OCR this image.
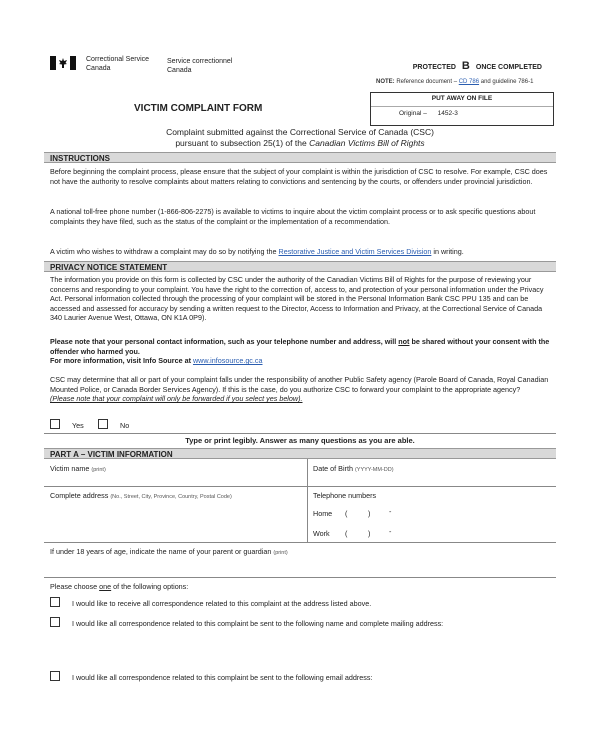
Correctional Service
Canada
Service correctionnel
Canada	PROTECTED B ONCE COMPLETED
NOTE: Reference document – CD 786 and guideline 786-1
PUT AWAY ON FILE
Original – 1452-3
VICTIM COMPLAINT FORM
Complaint submitted against the Correctional Service of Canada (CSC)
pursuant to subsection 25(1) of the Canadian Victims Bill of Rights
INSTRUCTIONS
Before beginning the complaint process, please ensure that the subject of your complaint is within the jurisdiction of CSC to resolve. For example, CSC does not have the authority to resolve complaints about matters relating to convictions and sentencing by the courts, or offenders under provincial jurisdiction.
A national toll-free phone number (1-866-806-2275) is available to victims to inquire about the victim complaint process or to ask specific questions about complaints they have filed, such as the status of the complaint or the implementation of a recommendation.
A victim who wishes to withdraw a complaint may do so by notifying the Restorative Justice and Victim Services Division in writing.
PRIVACY NOTICE STATEMENT
The information you provide on this form is collected by CSC under the authority of the Canadian Victims Bill of Rights for the purpose of reviewing your concerns and responding to your complaint. You have the right to the correction of, access to, and protection of your personal information under the Privacy Act. Personal information collected through the processing of your complaint will be stored in the Personal Information Bank CSC PPU 135 and can be accessed and assessed for accuracy by sending a written request to the Director, Access to Information and Privacy, at the Correctional Service of Canada 340 Laurier Avenue West, Ottawa, ON K1A 0P9).
Please note that your personal contact information, such as your telephone number and address, will not be shared without your consent with the offender who harmed you.
For more information, visit Info Source at www.infosource.gc.ca
CSC may determine that all or part of your complaint falls under the responsibility of another Public Safety agency (Parole Board of Canada, Royal Canadian Mounted Police, or Canada Border Services Agency). If this is the case, do you authorize CSC to forward your complaint to the appropriate agency?
(Please note that your complaint will only be forwarded if you select yes below).
Yes	No
Type or print legibly. Answer as many questions as you are able.
PART A – VICTIM INFORMATION
Victim name (print)	Date of Birth (YYYY-MM-DD)
Complete address (No., Street, City, Province, Country, Postal Code)	Telephone numbers
Home (	)	-
Work (	)	-
If under 18 years of age, indicate the name of your parent or guardian (print)
Please choose one of the following options:
I would like to receive all correspondence related to this complaint at the address listed above.
I would like all correspondence related to this complaint be sent to the following name and complete mailing address:
I would like all correspondence related to this complaint be sent to the following email address:
